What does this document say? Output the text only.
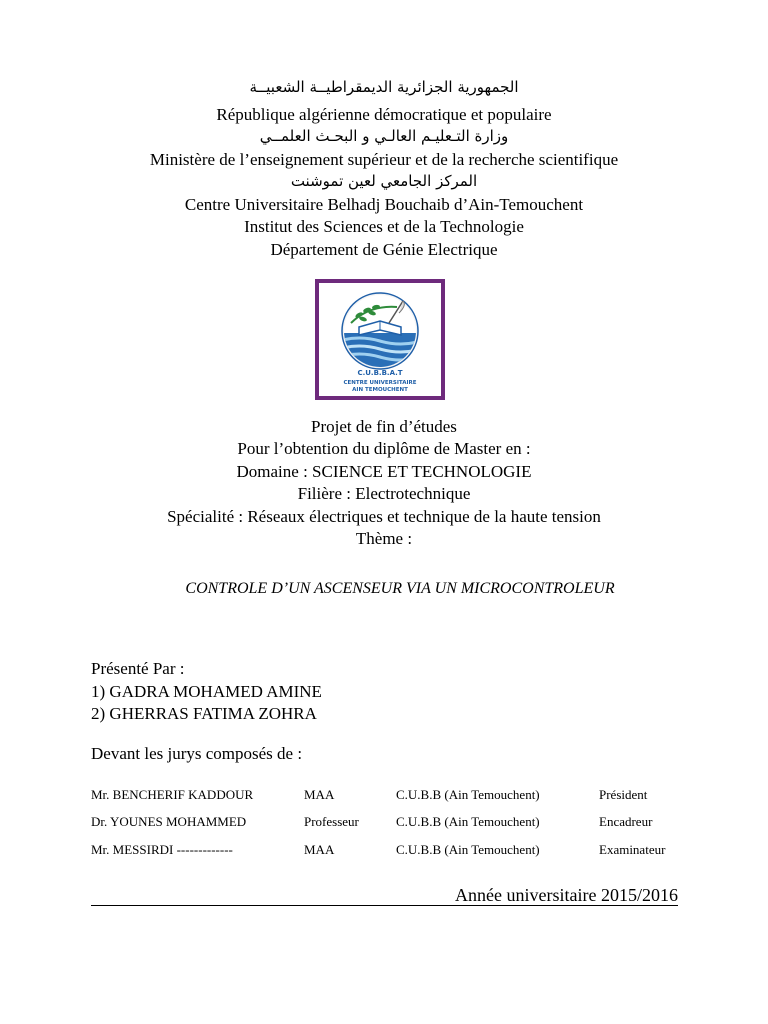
الجمهورية الجزائرية الديمقراطيــة الشعبيــة
République algérienne démocratique et populaire
وزارة التـعليـم العالـي و البحـث العلمــي
Ministère de l’enseignement supérieur et de la recherche scientifique
المركز الجامعي لعين تموشنت
Centre Universitaire Belhadj Bouchaib d’Ain-Temouchent
Institut des Sciences et de la Technologie
Département de Génie Electrique
C.U.B.B.A.T
CENTRE UNIVERSITAIRE
AIN TEMOUCHENT
Projet de fin d’études
Pour l’obtention du diplôme de Master en :
Domaine : SCIENCE ET TECHNOLOGIE
Filière : Electrotechnique
Spécialité : Réseaux électriques et technique de la haute tension
Thème :
CONTROLE D’UN ASCENSEUR VIA UN MICROCONTROLEUR
Présenté Par :
1) GADRA MOHAMED AMINE
2) GHERRAS FATIMA ZOHRA
Devant les jurys composés de :
Mr. BENCHERIF KADDOUR	MAA	C.U.B.B (Ain Temouchent)	Président
Dr. YOUNES MOHAMMED	Professeur	C.U.B.B (Ain Temouchent)	Encadreur
Mr. MESSIRDI -------------	MAA	C.U.B.B (Ain Temouchent)	Examinateur
Année universitaire 2015/2016
